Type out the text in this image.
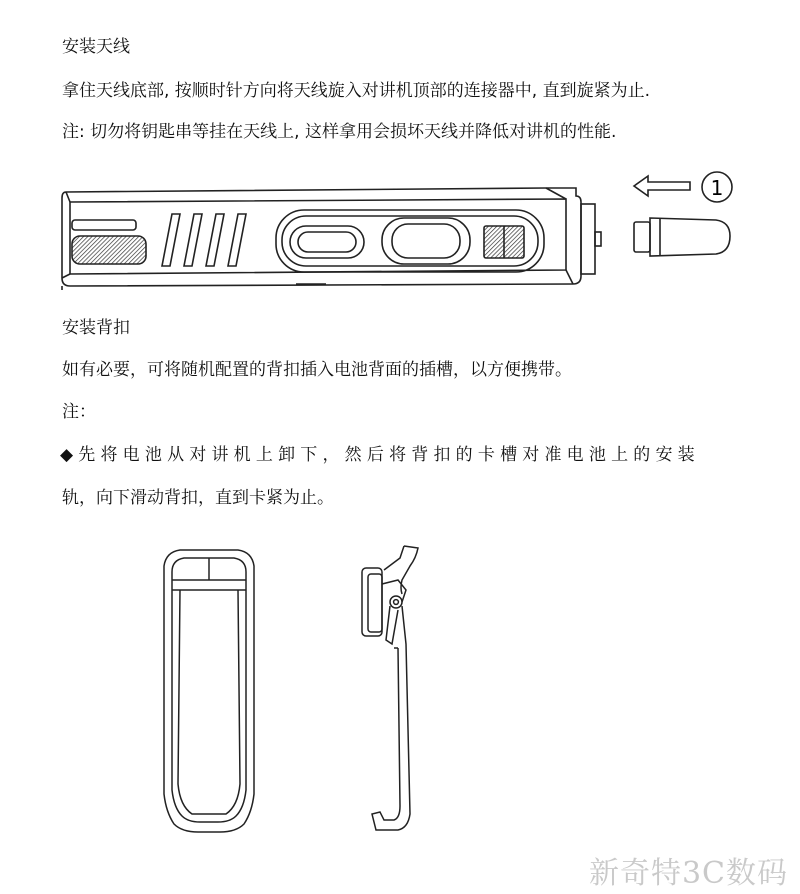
安装天线
拿住天线底部, 按顺时针方向将天线旋入对讲机顶部的连接器中, 直到旋紧为止.
注: 切勿将钥匙串等挂在天线上, 这样拿用会损坏天线并降低对讲机的性能.
1
安装背扣
如有必要，可将随机配置的背扣插入电池背面的插槽，以方便携带。
注：
◆先将电池从对讲机上卸下，然后将背扣的卡槽对准电池上的安装
轨，向下滑动背扣，直到卡紧为止。
新奇特3C数码
